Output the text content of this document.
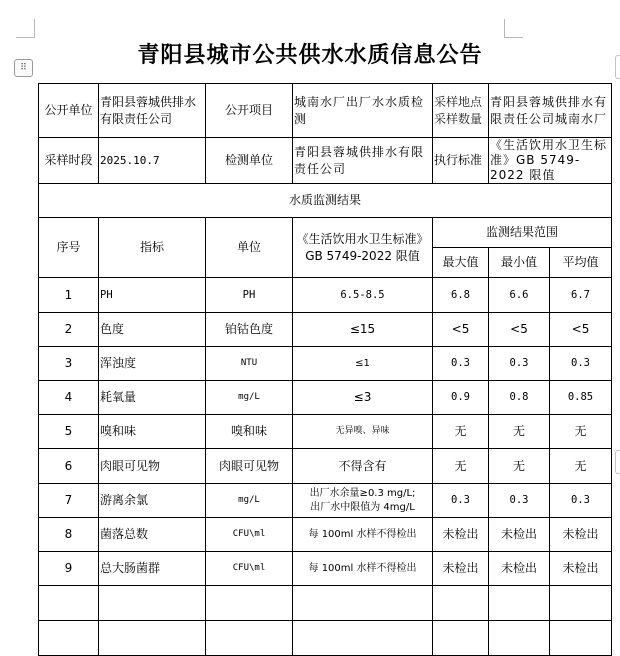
⠿	青阳县城市公共供水水质信息公告
公开单位	青阳县蓉城供排水有限责任公司	公开项目	城南水厂出厂水水质检测	采样地点采样数量	青阳县蓉城供排水有限责任公司城南水厂	
采样时段	2025.10.7	检测单位	青阳县蓉城供排水有限责任公司	执行标准	《生活饮用水卫生标准》GB 5749-2022 限值	
水质监测结果						
序号	指标	单位	《生活饮用水卫生标准》GB 5749-2022 限值	监测结果范围		
				最大值	最小值	平均值
1	PH	PH	6.5-8.5	6.8	6.6	6.7
2	色度	铂钴色度	≤15	<5	<5	<5
3	浑浊度	NTU	≤1	0.3	0.3	0.3
4	耗氧量	mg/L	≤3	0.9	0.8	0.85
5	嗅和味	嗅和味	无异嗅、异味	无	无	无
6	肉眼可见物	肉眼可见物	不得含有	无	无	无
7	游离余氯	mg/L	出厂水余量≥0.3 mg/L;
出厂水中限值为 4mg/L	0.3	0.3	0.3
8	菌落总数	CFU\ml	每 100ml 水样不得检出	未检出	未检出	未检出
9	总大肠菌群	CFU\ml	每 100ml 水样不得检出	未检出	未检出	未检出
